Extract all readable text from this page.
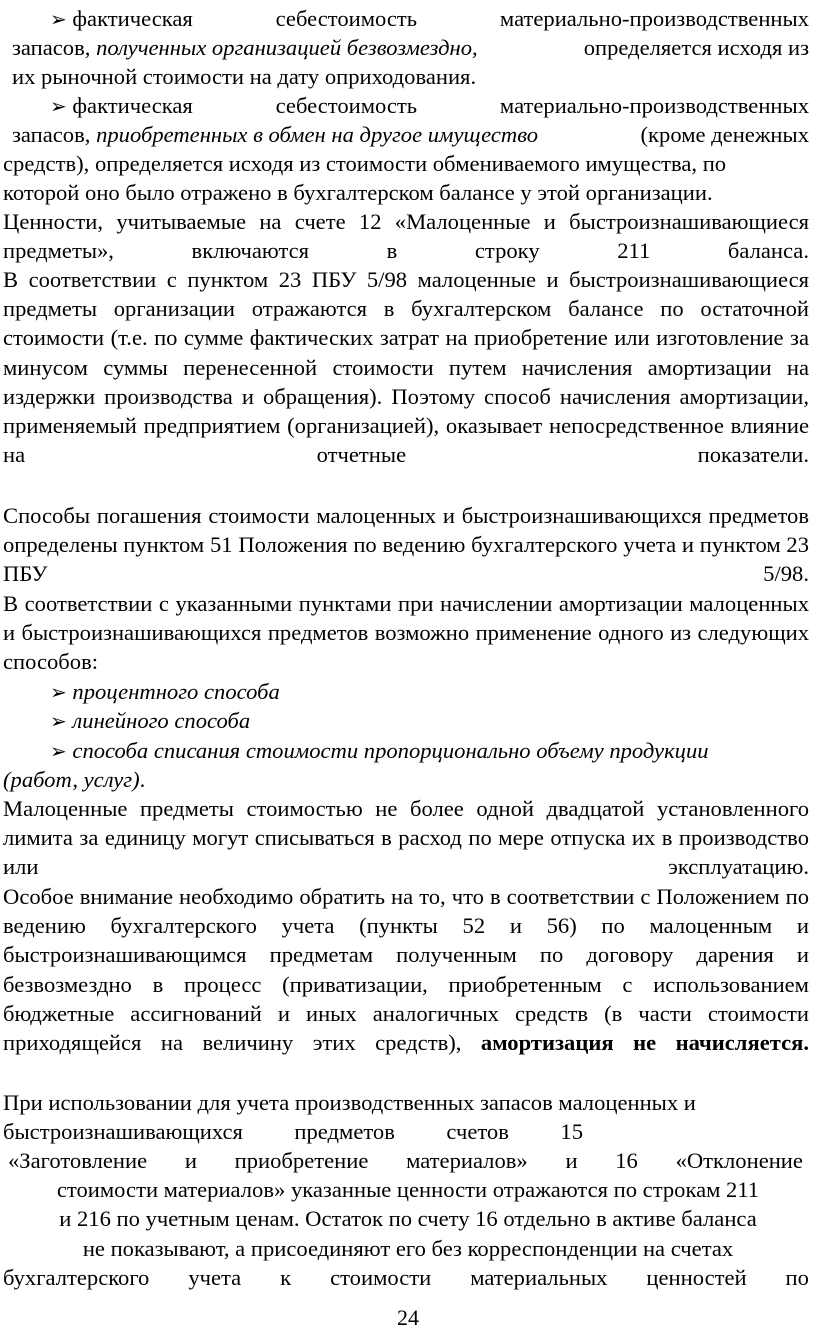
➢ фактическая	себестоимость	материально-производственных
запасов, полученных организацией безвозмездно,	определяется исходя из
их рыночной стоимости на дату оприходования.
➢ фактическая	себестоимость	материально-производственных
запасов, приобретенных в обмен на другое имущество	(кроме денежных
средств), определяется исходя из стоимости обмениваемого имущества, по
которой оно было отражено в бухгалтерском балансе у этой организации.
Ценности, учитываемые на счете 12 «Малоценные и быстроизнашивающиеся предметы», включаются в строку 211 баланса.
В соответствии с пунктом 23 ПБУ 5/98 малоценные и быстроизнашивающиеся предметы организации отражаются в бухгалтерском балансе по остаточной стоимости (т.е. по сумме фактических затрат на приобретение или изготовление за минусом суммы перенесенной стоимости путем начисления амортизации на издержки производства и обращения). Поэтому способ начисления амортизации, применяемый предприятием (организацией), оказывает непосредственное влияние на отчетные показатели.
Способы погашения стоимости малоценных и быстроизнашивающихся предметов определены пунктом 51 Положения по ведению бухгалтерского учета и пунктом 23 ПБУ 5/98.
В соответствии с указанными пунктами при начислении амортизации малоценных и быстроизнашивающихся предметов возможно применение одного из следующих способов:
➢ процентного способа
➢ линейного способа
➢ способа списания стоимости пропорционально объему продукции
(работ, услуг).
Малоценные предметы стоимостью не более одной двадцатой установленного лимита за единицу могут списываться в расход по мере отпуска их в производство или эксплуатацию.
Особое внимание необходимо обратить на то, что в соответствии с Положением по ведению бухгалтерского учета (пункты 52 и 56) по малоценным и быстроизнашивающимся предметам полученным по договору дарения и безвозмездно в процесс (приватизации, приобретенным с использованием бюджетные ассигнований и иных аналогичных средств (в части стоимости приходящейся на величину этих средств), амортизация не начисляется.
При использовании для учета производственных запасов малоценных и
быстроизнашивающихся предметов счетов 15
«Заготовление и приобретение материалов» и 16 «Отклонение
стоимости материалов» указанные ценности отражаются по строкам 211
и 216 по учетным ценам. Остаток по счету 16 отдельно в активе баланса
не показывают, а присоединяют его без корреспонденции на счетах
бухгалтерского учета к стоимости материальных ценностей по
24
